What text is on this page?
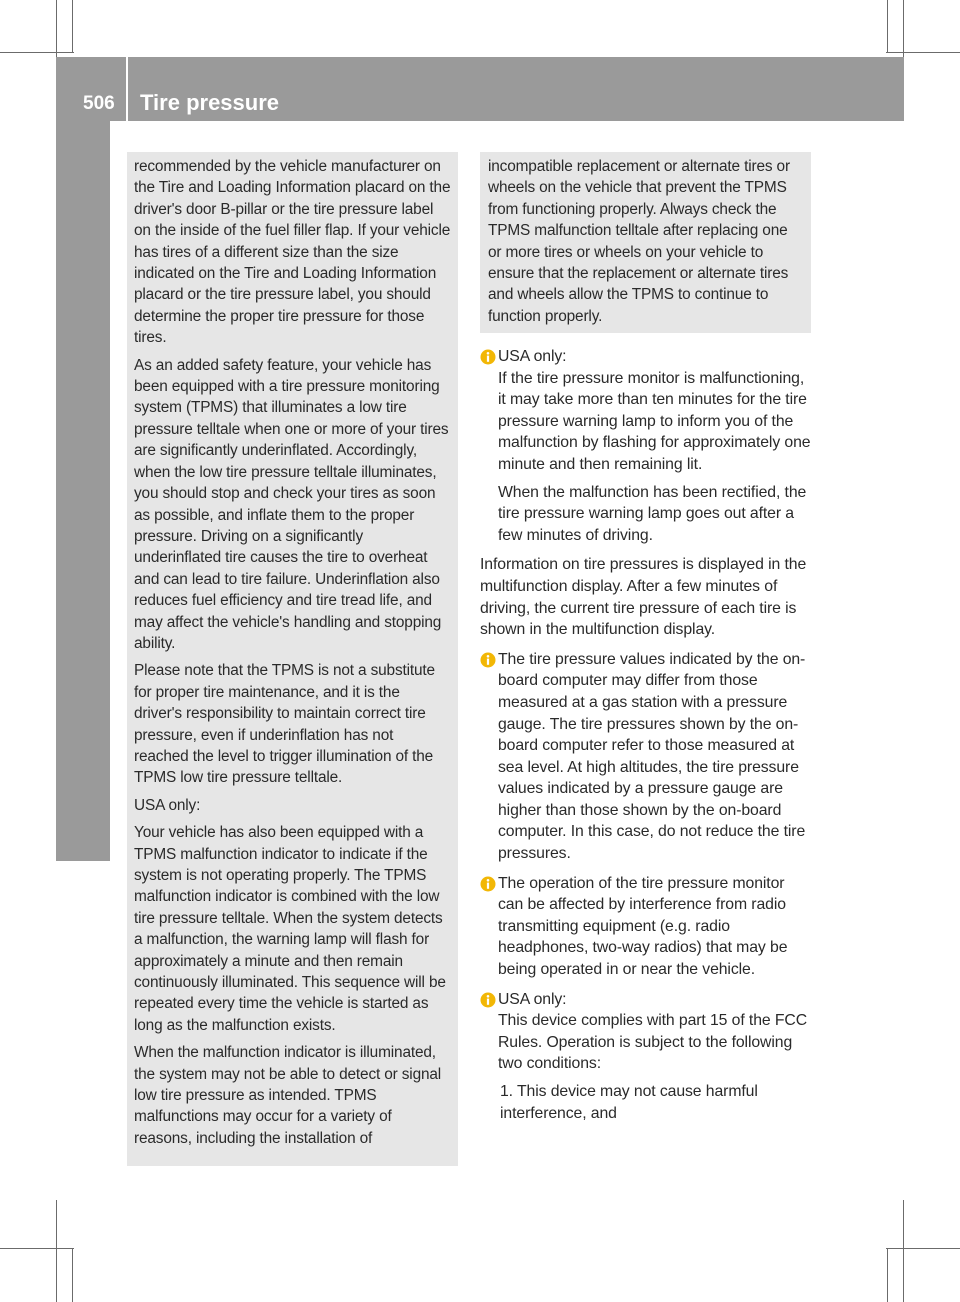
506 Tire pressure
Wheels and tires

recommended by the vehicle manufacturer on the Tire and Loading Information placard on the driver's door B-pillar or the tire pressure label on the inside of the fuel filler flap. If your vehicle has tires of a different size than the size indicated on the Tire and Loading Information placard or the tire pressure label, you should determine the proper tire pressure for those tires.

As an added safety feature, your vehicle has been equipped with a tire pressure monitoring system (TPMS) that illuminates a low tire pressure telltale when one or more of your tires are significantly underinflated. Accordingly, when the low tire pressure telltale illuminates, you should stop and check your tires as soon as possible, and inflate them to the proper pressure. Driving on a significantly underinflated tire causes the tire to overheat and can lead to tire failure. Underinflation also reduces fuel efficiency and tire tread life, and may affect the vehicle's handling and stopping ability.

Please note that the TPMS is not a substitute for proper tire maintenance, and it is the driver's responsibility to maintain correct tire pressure, even if underinflation has not reached the level to trigger illumination of the TPMS low tire pressure telltale.

USA only:

Your vehicle has also been equipped with a TPMS malfunction indicator to indicate if the system is not operating properly. The TPMS malfunction indicator is combined with the low tire pressure telltale. When the system detects a malfunction, the warning lamp will flash for approximately a minute and then remain continuously illuminated. This sequence will be repeated every time the vehicle is started as long as the malfunction exists.

When the malfunction indicator is illuminated, the system may not be able to detect or signal low tire pressure as intended. TPMS malfunctions may occur for a variety of reasons, including the installation of

incompatible replacement or alternate tires or wheels on the vehicle that prevent the TPMS from functioning properly. Always check the TPMS malfunction telltale after replacing one or more tires or wheels on your vehicle to ensure that the replacement or alternate tires and wheels allow the TPMS to continue to function properly.

USA only:

If the tire pressure monitor is malfunctioning, it may take more than ten minutes for the tire pressure warning lamp to inform you of the malfunction by flashing for approximately one minute and then remaining lit.

When the malfunction has been rectified, the tire pressure warning lamp goes out after a few minutes of driving.

Information on tire pressures is displayed in the multifunction display. After a few minutes of driving, the current tire pressure of each tire is shown in the multifunction display.

The tire pressure values indicated by the on-board computer may differ from those measured at a gas station with a pressure gauge. The tire pressures shown by the on-board computer refer to those measured at sea level. At high altitudes, the tire pressure values indicated by a pressure gauge are higher than those shown by the on-board computer. In this case, do not reduce the tire pressures.

The operation of the tire pressure monitor can be affected by interference from radio transmitting equipment (e.g. radio headphones, two-way radios) that may be being operated in or near the vehicle.

USA only:

This device complies with part 15 of the FCC Rules. Operation is subject to the following two conditions:

1. This device may not cause harmful interference, and
